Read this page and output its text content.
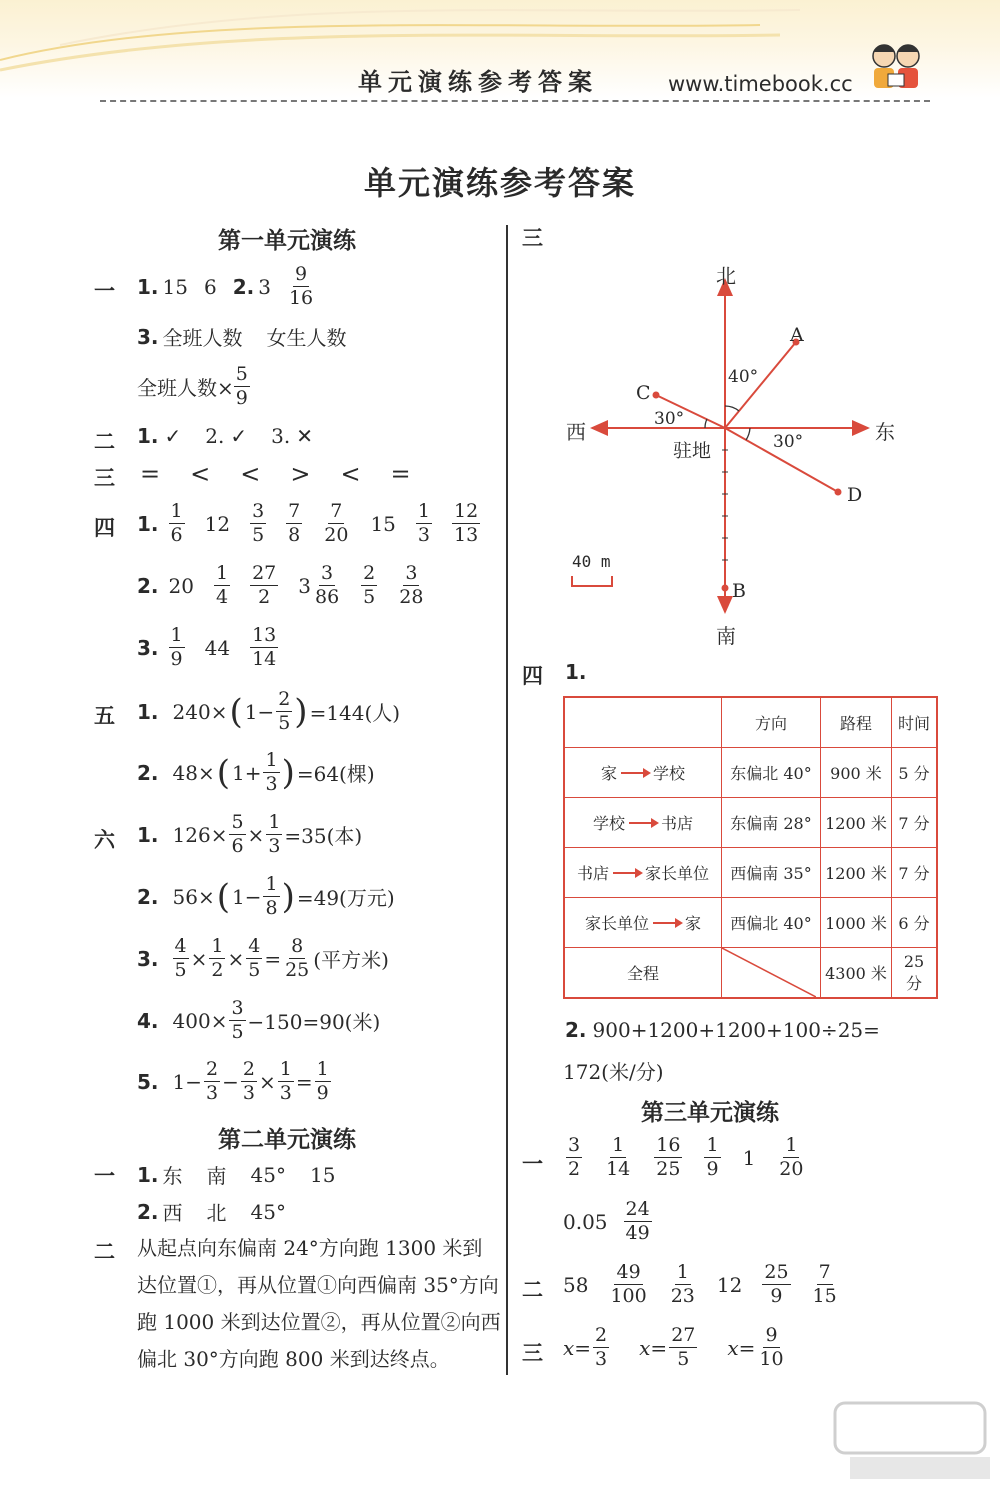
单元演练参考答案	www.timebook.cc
单元演练参考答案
第一单元演练
一 1. 15 6 2. $3 \frac{9}{16}$
3. 全班人数 女生人数
全班人数× $\frac{5}{9}$
二 1. ✓ 2. ✓ 3. ✕
三 = < < > < =
四 1. $\frac{1}{6} 12 \frac{3}{5} \frac{7}{8} \frac{7}{20} 15 \frac{1}{3} \frac{12}{13}$
2. $20 \frac{1}{4} \frac{27}{2} 3 \frac{3}{86} \frac{2}{5} \frac{3}{28}$
3. $\frac{1}{9} 44 \frac{13}{14}$
五 1. 240× ( $1- \frac{2}{5}$ ) =144(人)
2. 48× ( $1+ \frac{1}{3}$ ) =64(棵)
六 1. $126\times \frac{5}{6} \times \frac{1}{3} =35$(本)
2. 56× ( $1- \frac{1}{8}$ ) =49(万元)
3. $\frac{4}{5} \times \frac{1}{2} \times \frac{4}{5} = \frac{8}{25}$ (平方米)
4. $400\times \frac{3}{5} -150=90$(米)
5. $1- \frac{2}{3} - \frac{2}{3} \times \frac{1}{3} = \frac{1}{9}$
第二单元演练
一 1. 东 南 45° 15
2. 西 北 45°
二 从起点向东偏南 24°方向跑 1300 米到达位置①，再从位置①向西偏南 35°方向跑 1000 米到达位置②，再从位置②向西偏北 30°方向跑 800 米到达终点。
三
北
南
东
西
驻地
A
B
C
D
40°
30°
30°
40 m
四 1.
	方向	路程	时间

家 学校	东偏北 40°	900 米	5 分

学校 书店	东偏南 28°	1200 米	7 分

书店 家长单位	西偏南 35°	1200 米	7 分

家长单位 家	西偏北 40°	1000 米	6 分
全程		4300 米	25 分
2. 900+1200+1200+100÷25=
172(米/分)
第三单元演练
一 $\frac{3}{2} \frac{1}{14} \frac{16}{25} \frac{1}{9} 1 \frac{1}{20}$
$0.05 \frac{24}{49}$
二 $58 \frac{49}{100} \frac{1}{23} 12 \frac{25}{9} \frac{7}{15}$
三 $x= \frac{2}{3} x= \frac{27}{5} x= \frac{9}{10}$
